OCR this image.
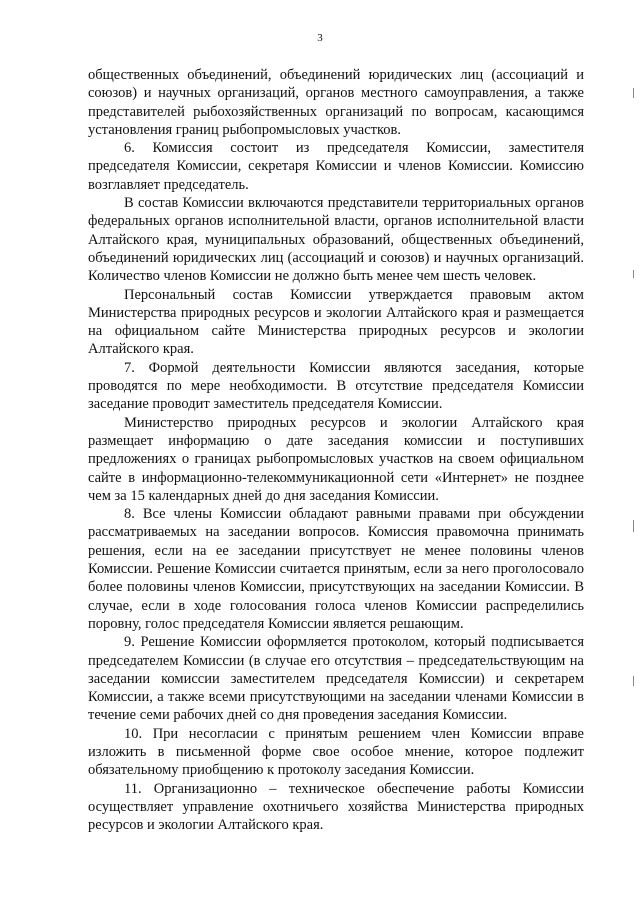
3

общественных объединений, объединений юридических лиц (ассоциаций и союзов) и научных организаций, органов местного самоуправления, а также представителей рыбохозяйственных организаций по вопросам, касающимся установления границ рыбопромысловых участков.

6. Комиссия состоит из председателя Комиссии, заместителя председателя Комиссии, секретаря Комиссии и членов Комиссии. Комиссию возглавляет председатель.

В состав Комиссии включаются представители территориальных органов федеральных органов исполнительной власти, органов исполнительной власти Алтайского края, муниципальных образований, общественных объединений, объединений юридических лиц (ассоциаций и союзов) и научных организаций. Количество членов Комиссии не должно быть менее чем шесть человек.

Персональный состав Комиссии утверждается правовым актом Министерства природных ресурсов и экологии Алтайского края и размещается на официальном сайте Министерства природных ресурсов и экологии Алтайского края.

7. Формой деятельности Комиссии являются заседания, которые проводятся по мере необходимости. В отсутствие председателя Комиссии заседание проводит заместитель председателя Комиссии.

Министерство природных ресурсов и экологии Алтайского края размещает информацию о дате заседания комиссии и поступивших предложениях о границах рыбопромысловых участков на своем официальном сайте в информационно-телекоммуникационной сети «Интернет» не позднее чем за 15 календарных дней до дня заседания Комиссии.

8. Все члены Комиссии обладают равными правами при обсуждении рассматриваемых на заседании вопросов. Комиссия правомочна принимать решения, если на ее заседании присутствует не менее половины членов Комиссии. Решение Комиссии считается принятым, если за него проголосовало более половины членов Комиссии, присутствующих на заседании Комиссии. В случае, если в ходе голосования голоса членов Комиссии распределились поровну, голос председателя Комиссии является решающим.

9. Решение Комиссии оформляется протоколом, который подписывается председателем Комиссии (в случае его отсутствия – председательствующим на заседании комиссии заместителем председателя Комиссии) и секретарем Комиссии, а также всеми присутствующими на заседании членами Комиссии в течение семи рабочих дней со дня проведения заседания Комиссии.

10. При несогласии с принятым решением член Комиссии вправе изложить в письменной форме свое особое мнение, которое подлежит обязательному приобщению к протоколу заседания Комиссии.

11. Организационно – техническое обеспечение работы Комиссии осуществляет управление охотничьего хозяйства Министерства природных ресурсов и экологии Алтайского края.
